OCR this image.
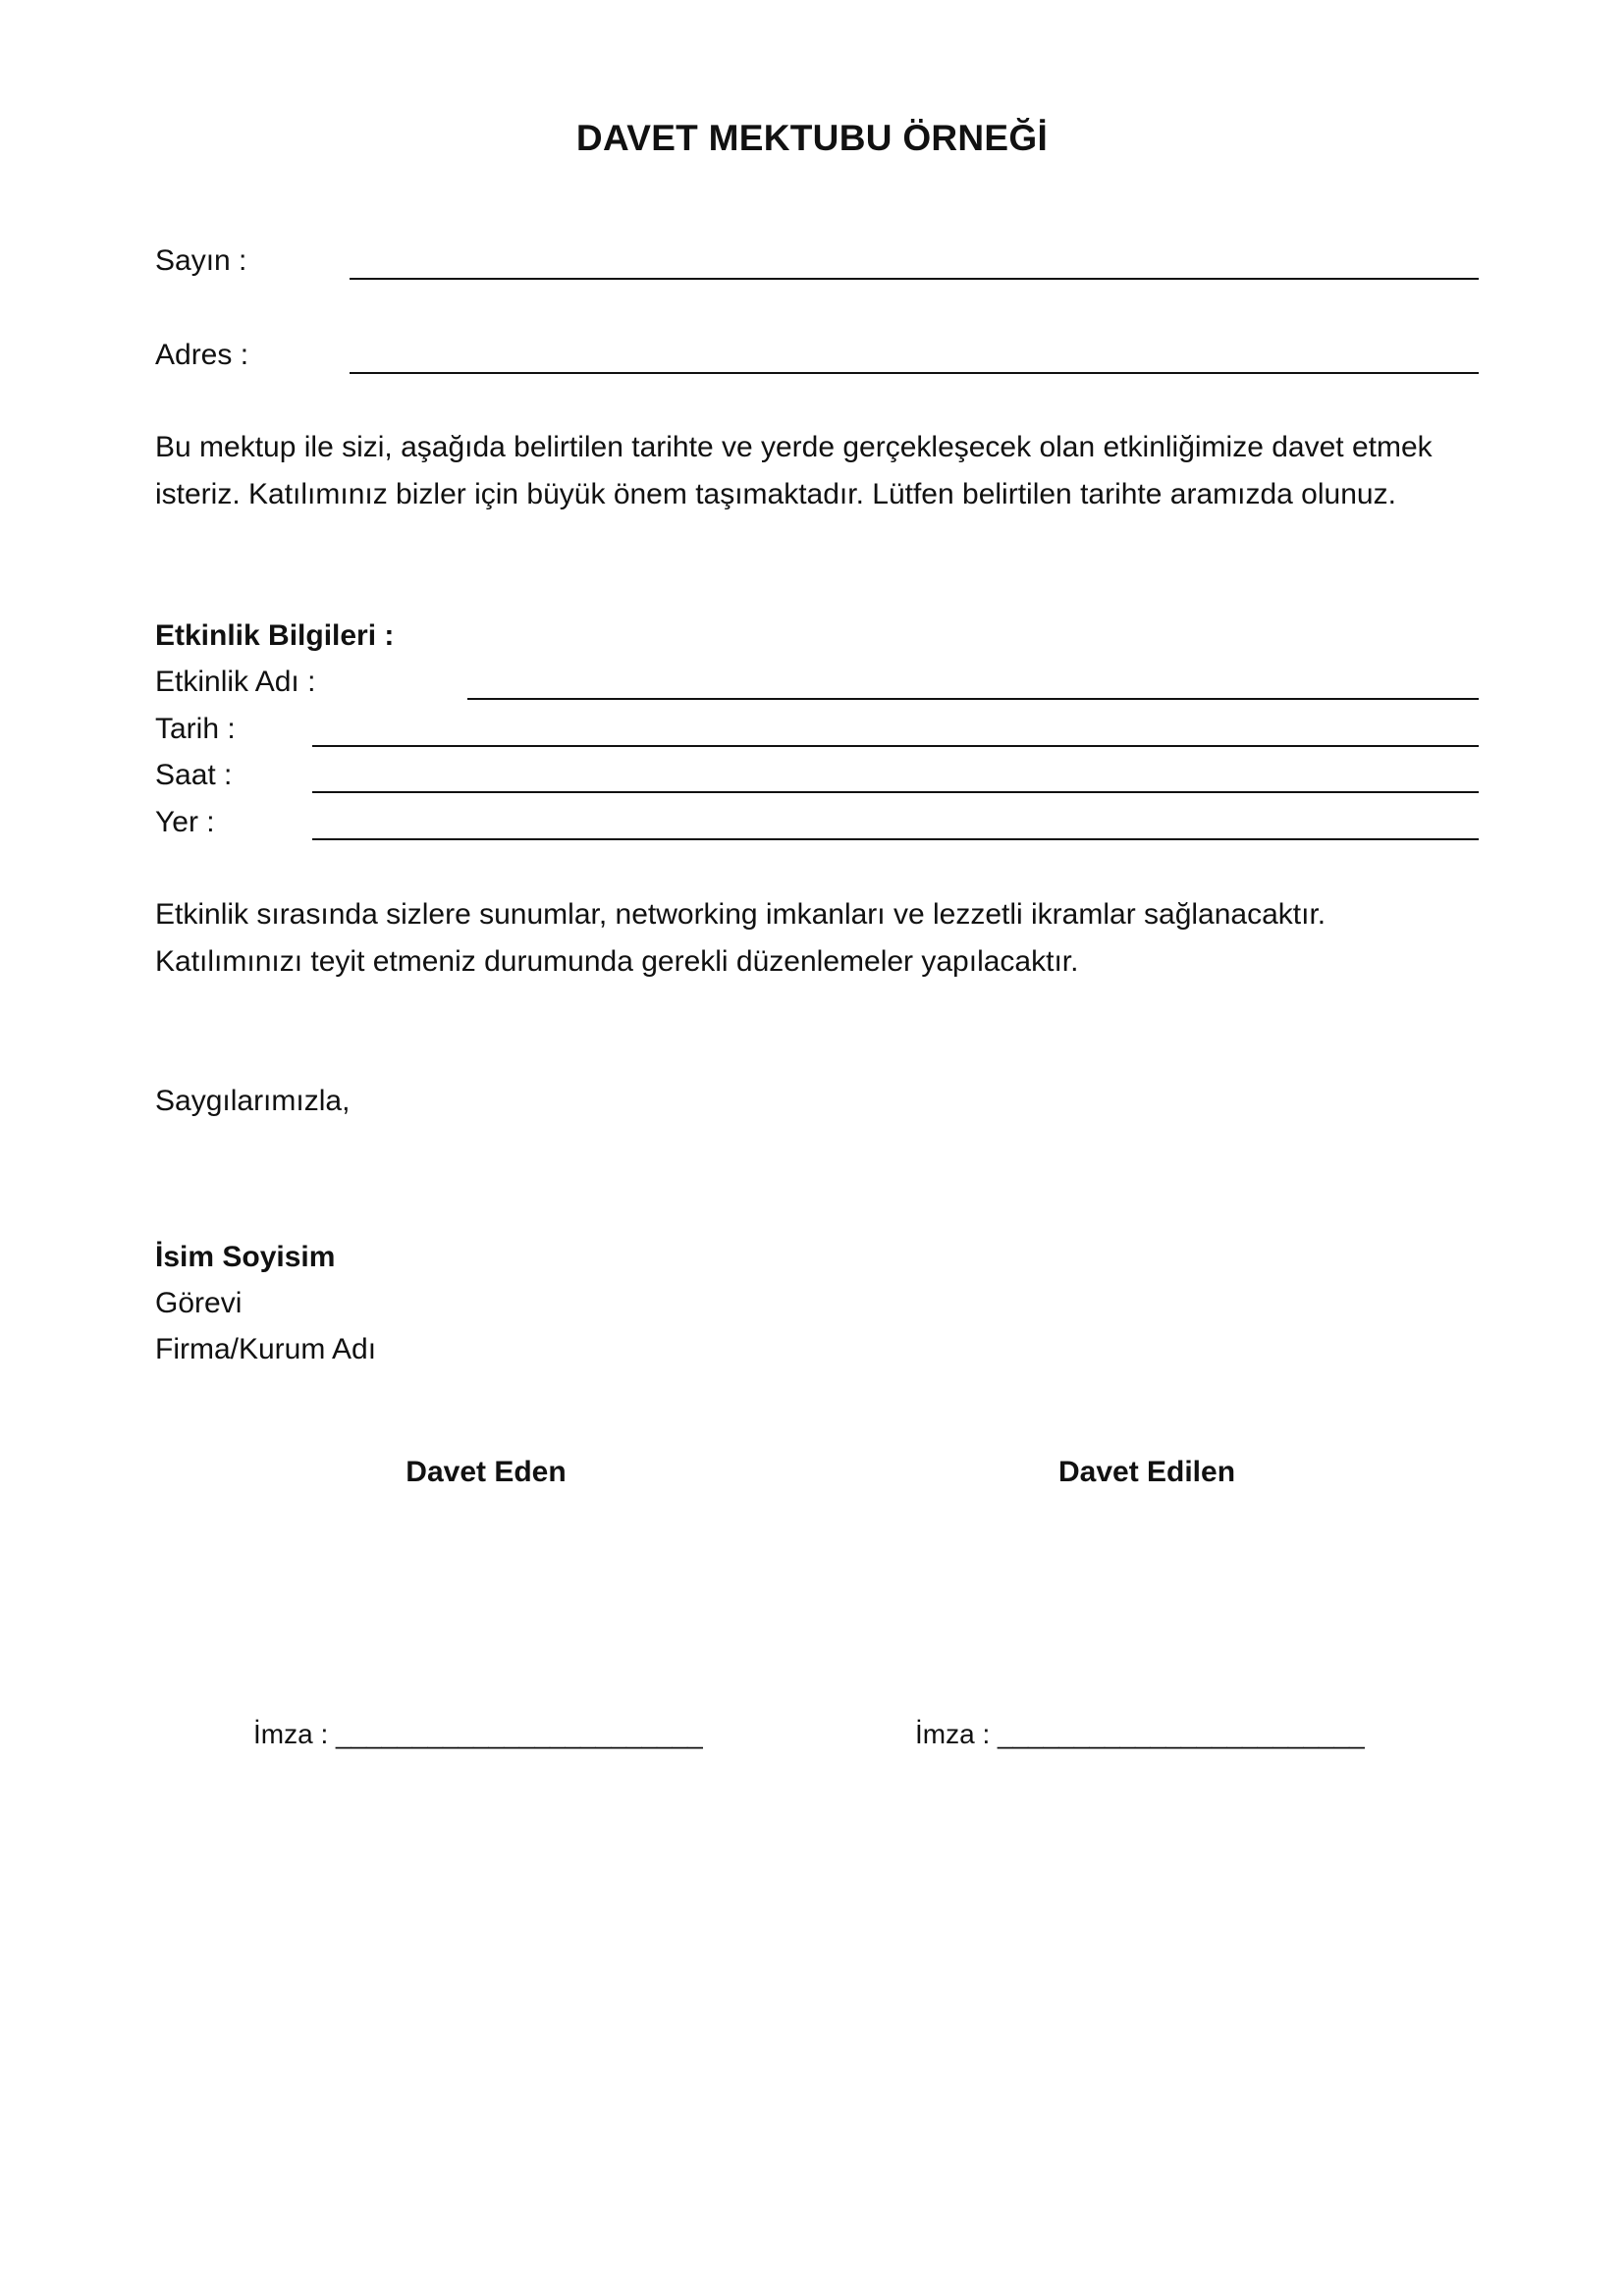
DAVET MEKTUBU ÖRNEĞİ
Sayın :
Adres :

Bu mektup ile sizi, aşağıda belirtilen tarihte ve yerde gerçekleşecek olan etkinliğimize davet etmek

isteriz. Katılımınız bizler için büyük önem taşımaktadır. Lütfen belirtilen tarihte aramızda olunuz.

Etkinlik Bilgileri :
Etkinlik Adı :
Tarih :
Saat :
Yer :

Etkinlik sırasında sizlere sunumlar, networking imkanları ve lezzetli ikramlar sağlanacaktır.

Katılımınızı teyit etmeniz durumunda gerekli düzenlemeler yapılacaktır.

Saygılarımızla,
İsim Soyisim
Görevi
Firma/Kurum Adı
Davet Eden	Davet Edilen
İmza : ________________________	İmza : ________________________
